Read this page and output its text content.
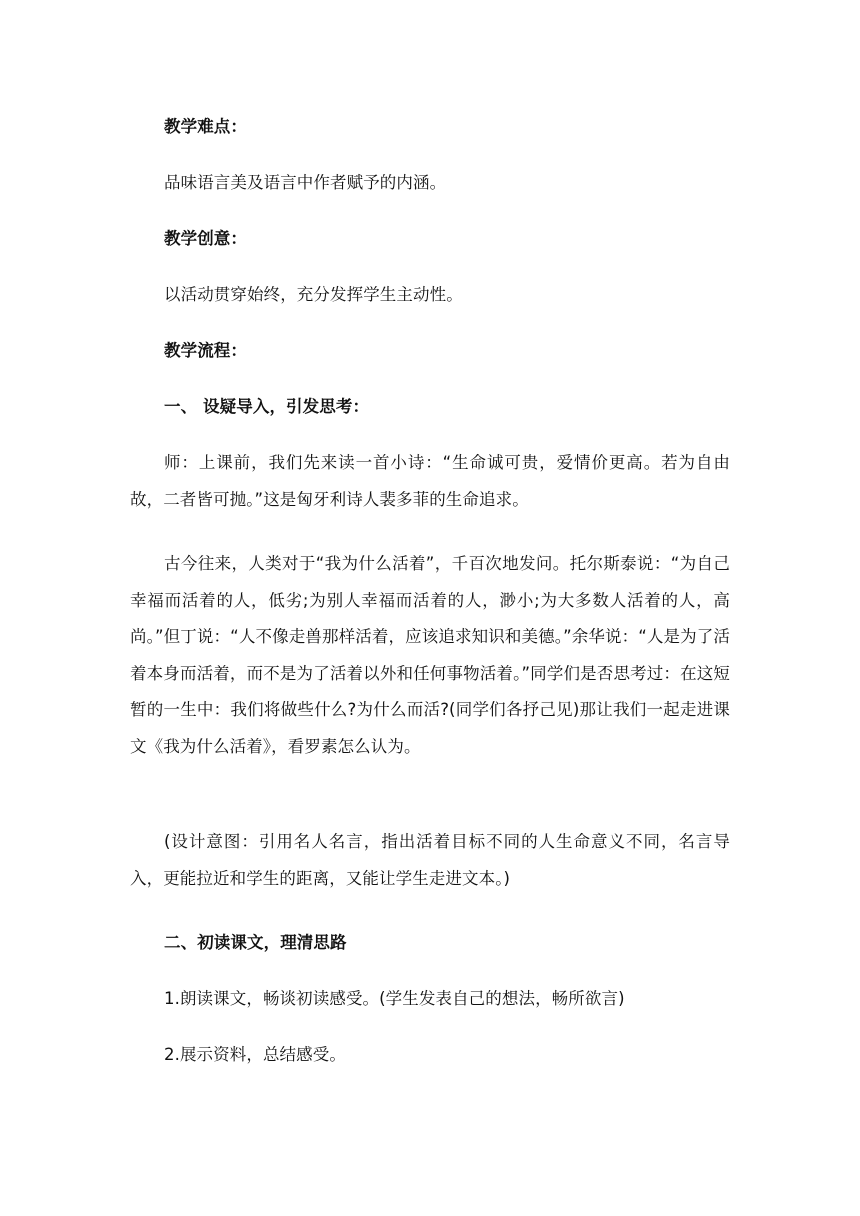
教学难点：

品味语言美及语言中作者赋予的内涵。

教学创意：

以活动贯穿始终，充分发挥学生主动性。

教学流程：

一、 设疑导入，引发思考：

师：上课前，我们先来读一首小诗：“生命诚可贵，爱情价更高。若为自由故，二者皆可抛。”这是匈牙利诗人裴多菲的生命追求。

古今往来，人类对于“我为什么活着”，千百次地发问。托尔斯泰说：“为自己幸福而活着的人，低劣;为别人幸福而活着的人，渺小;为大多数人活着的人，高尚。”但丁说：“人不像走兽那样活着，应该追求知识和美德。”余华说：“人是为了活着本身而活着，而不是为了活着以外和任何事物活着。”同学们是否思考过：在这短暂的一生中：我们将做些什么?为什么而活?(同学们各抒己见)那让我们一起走进课文《我为什么活着》，看罗素怎么认为。

(设计意图：引用名人名言，指出活着目标不同的人生命意义不同，名言导入，更能拉近和学生的距离，又能让学生走进文本。)

二、初读课文，理清思路

1.朗读课文，畅谈初读感受。(学生发表自己的想法，畅所欲言)

2.展示资料，总结感受。
